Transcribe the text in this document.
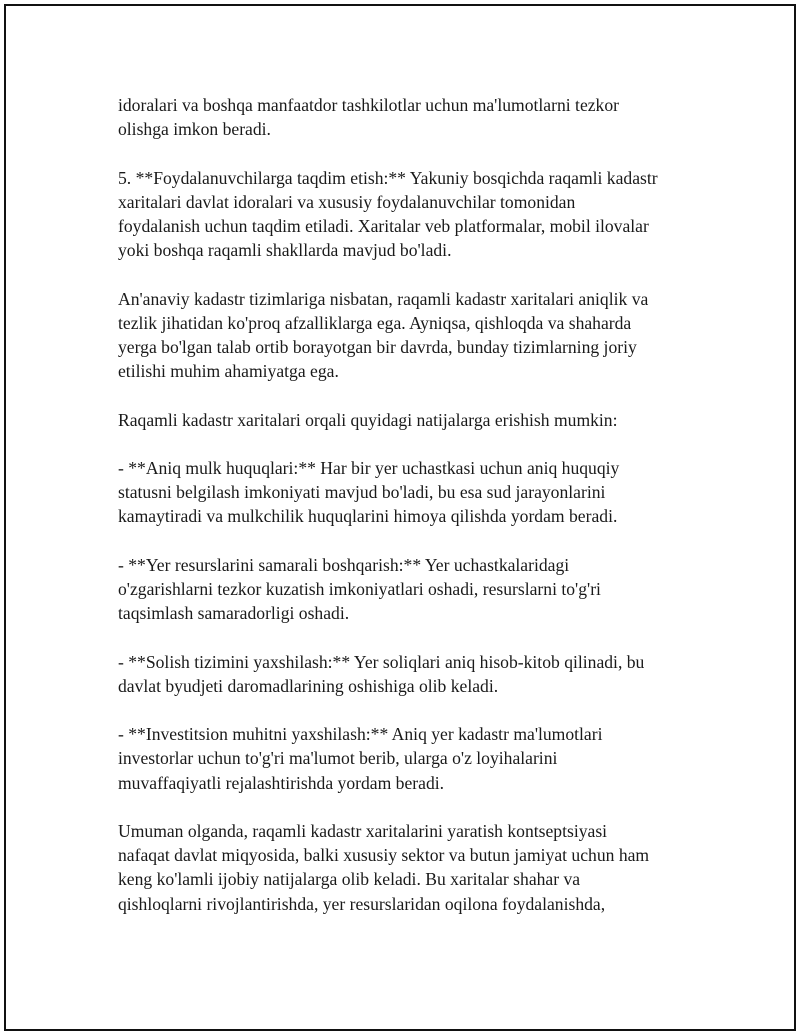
idoralari va boshqa manfaatdor tashkilotlar uchun ma'lumotlarni tezkor
olishga imkon beradi.

5. **Foydalanuvchilarga taqdim etish:** Yakuniy bosqichda raqamli kadastr
xaritalari davlat idoralari va xususiy foydalanuvchilar tomonidan
foydalanish uchun taqdim etiladi. Xaritalar veb platformalar, mobil ilovalar
yoki boshqa raqamli shakllarda mavjud bo'ladi.

An'anaviy kadastr tizimlariga nisbatan, raqamli kadastr xaritalari aniqlik va
tezlik jihatidan ko'proq afzalliklarga ega. Ayniqsa, qishloqda va shaharda
yerga bo'lgan talab ortib borayotgan bir davrda, bunday tizimlarning joriy
etilishi muhim ahamiyatga ega.

Raqamli kadastr xaritalari orqali quyidagi natijalarga erishish mumkin:

- **Aniq mulk huquqlari:** Har bir yer uchastkasi uchun aniq huquqiy
statusni belgilash imkoniyati mavjud bo'ladi, bu esa sud jarayonlarini
kamaytiradi va mulkchilik huquqlarini himoya qilishda yordam beradi.

- **Yer resurslarini samarali boshqarish:** Yer uchastkalaridagi
o'zgarishlarni tezkor kuzatish imkoniyatlari oshadi, resurslarni to'g'ri
taqsimlash samaradorligi oshadi.

- **Solish tizimini yaxshilash:** Yer soliqlari aniq hisob-kitob qilinadi, bu
davlat byudjeti daromadlarining oshishiga olib keladi.

- **Investitsion muhitni yaxshilash:** Aniq yer kadastr ma'lumotlari
investorlar uchun to'g'ri ma'lumot berib, ularga o'z loyihalarini
muvaffaqiyatli rejalashtirishda yordam beradi.

Umuman olganda, raqamli kadastr xaritalarini yaratish kontseptsiyasi
nafaqat davlat miqyosida, balki xususiy sektor va butun jamiyat uchun ham
keng ko'lamli ijobiy natijalarga olib keladi. Bu xaritalar shahar va
qishloqlarni rivojlantirishda, yer resurslaridan oqilona foydalanishda,
